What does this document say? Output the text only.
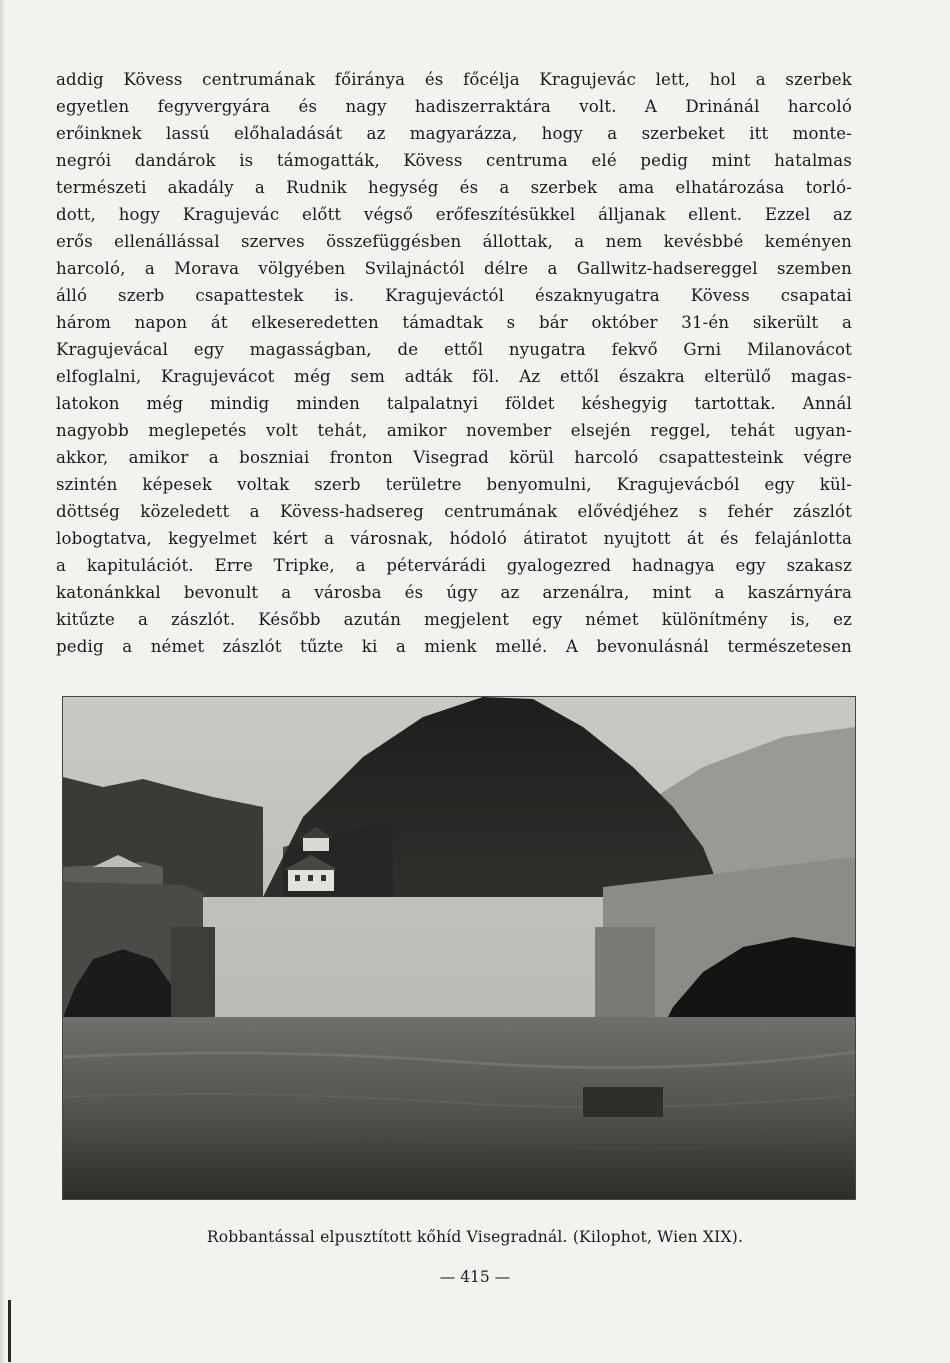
addig Kövess centrumának főiránya és főcélja Kragujevác lett, hol a szerbek
egyetlen fegyvergyára és nagy hadiszerraktára volt. A Drinánál harcoló
erőinknek lassú előhaladását az magyarázza, hogy a szerbeket itt monte-
negrói dandárok is támogatták, Kövess centruma elé pedig mint hatalmas
természeti akadály a Rudnik hegység és a szerbek ama elhatározása torló-
dott, hogy Kragujevác előtt végső erőfeszítésükkel álljanak ellent. Ezzel az
erős ellenállással szerves összefüggésben állottak, a nem kevésbbé keményen
harcoló, a Morava völgyében Svilajnáctól délre a Gallwitz-hadsereggel szemben
álló szerb csapattestek is. Kragujeváctól északnyugatra Kövess csapatai
három napon át elkeseredetten támadtak s bár október 31-én sikerült a
Kragujevácal egy magasságban, de ettől nyugatra fekvő Grni Milanovácot
elfoglalni, Kragujevácot még sem adták föl. Az ettől északra elterülő magas-
latokon még mindig minden talpalatnyi földet késhegyig tartottak. Annál
nagyobb meglepetés volt tehát, amikor november elsején reggel, tehát ugyan-
akkor, amikor a boszniai fronton Visegrad körül harcoló csapattesteink végre
szintén képesek voltak szerb területre benyomulni, Kragujevácból egy kül-
döttség közeledett a Kövess-hadsereg centrumának elővédjéhez s fehér zászlót
lobogtatva, kegyelmet kért a városnak, hódoló átiratot nyujtott át és felajánlotta
a kapitulációt. Erre Tripke, a pétervárádi gyalogezred hadnagya egy szakasz
katonánkkal bevonult a városba és úgy az arzenálra, mint a kaszárnyára
kitűzte a zászlót. Később azután megjelent egy német különítmény is, ez
pedig a német zászlót tűzte ki a mienk mellé. A bevonulásnál természetesen
Robbantással elpusztított kőhíd Visegradnál. (Kilophot, Wien XIX).
— 415 —
